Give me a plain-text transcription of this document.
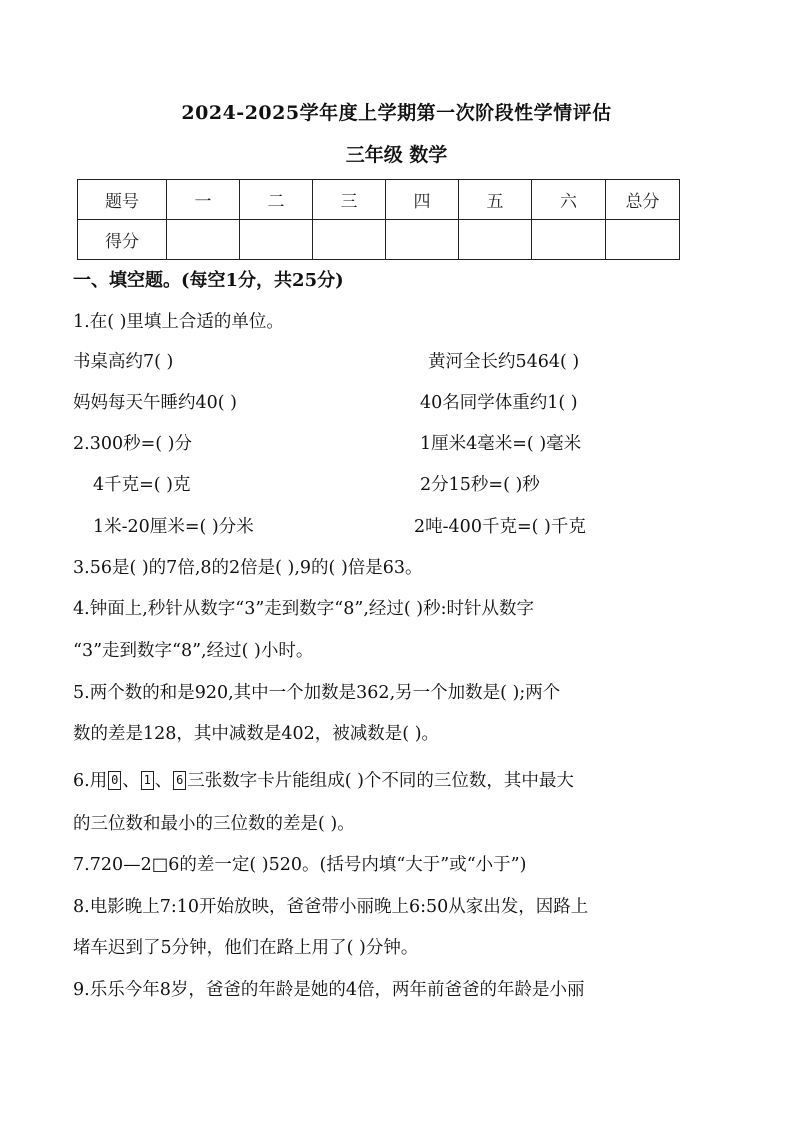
2024-2025学年度上学期第一次阶段性学情评估
三年级 数学
题号	一	二	三	四	五	六	总分
得分							
一、填空题。(每空1分，共25分)
1.在( )里填上合适的单位。
书桌高约7( )	黄河全长约5464( )
妈妈每天午睡约40( )	40名同学体重约1( )
2.300秒=( )分	1厘米4毫米=( )毫米
4千克=( )克	2分15秒=( )秒
1米-20厘米=( )分米	2吨-400千克=( )千克
3.56是( )的7倍,8的2倍是( ),9的( )倍是63。
4.钟面上,秒针从数字“3”走到数字“8”,经过( )秒:时针从数字
“3”走到数字“8”,经过( )小时。
5.两个数的和是920,其中一个加数是362,另一个加数是( );两个
数的差是128，其中减数是402，被减数是( )。
6.用 0 、 1 、 6 三张数字卡片能组成( )个不同的三位数，其中最大
的三位数和最小的三位数的差是( )。
7.720—2□6的差一定( )520。(括号内填“大于”或“小于”)
8.电影晚上7:10开始放映，爸爸带小丽晚上6:50从家出发，因路上
堵车迟到了5分钟，他们在路上用了( )分钟。
9.乐乐今年8岁，爸爸的年龄是她的4倍，两年前爸爸的年龄是小丽
